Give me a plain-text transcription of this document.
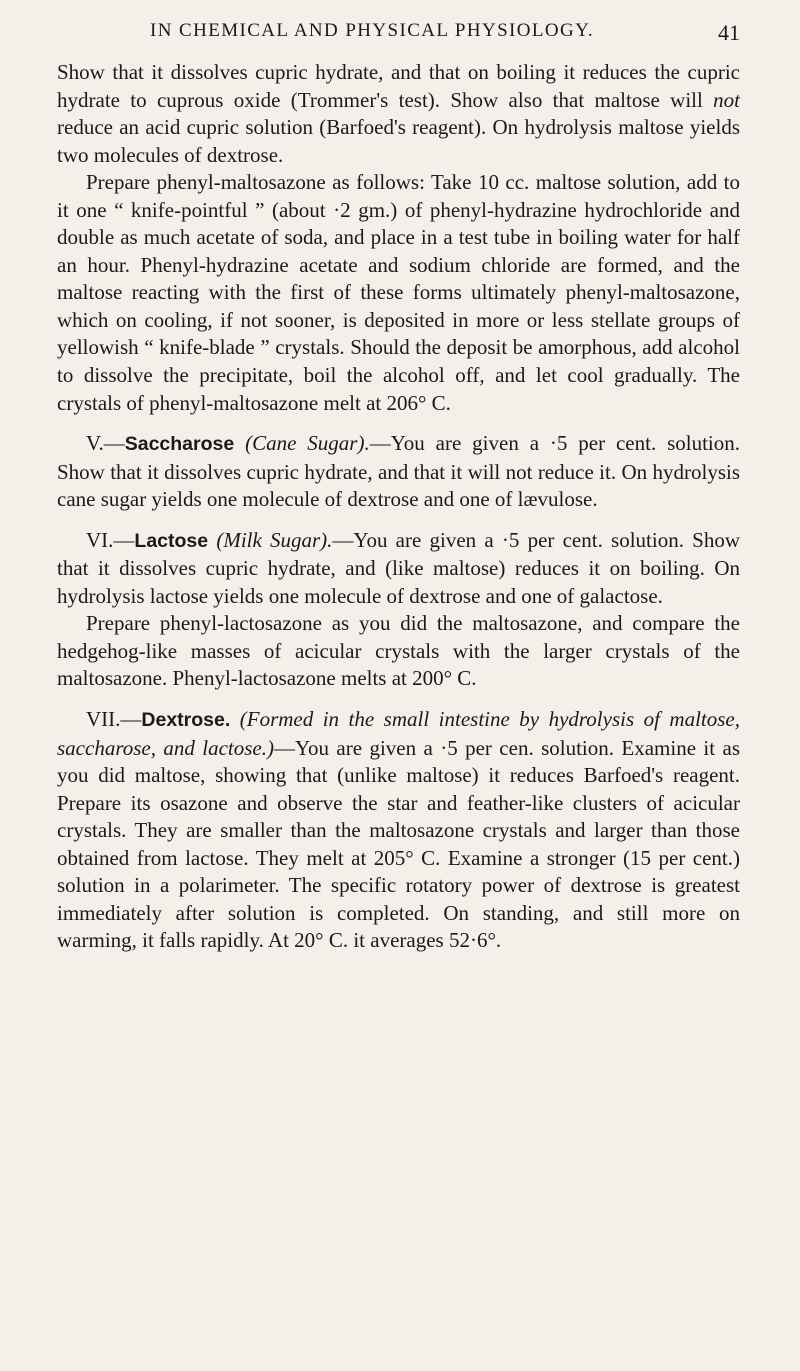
IN CHEMICAL AND PHYSICAL PHYSIOLOGY.	41

Show that it dissolves cupric hydrate, and that on boiling it reduces the cupric hydrate to cuprous oxide (Trommer's test). Show also that maltose will not reduce an acid cupric solution (Barfoed's reagent). On hydrolysis maltose yields two molecules of dextrose.

Prepare phenyl-maltosazone as follows: Take 10 cc. maltose solution, add to it one “ knife-pointful ” (about ·2 gm.) of phenyl-hydrazine hydrochloride and double as much acetate of soda, and place in a test tube in boiling water for half an hour. Phenyl-hydrazine acetate and sodium chloride are formed, and the maltose reacting with the first of these forms ultimately phenyl-maltosazone, which on cooling, if not sooner, is deposited in more or less stellate groups of yellowish “ knife-blade ” crystals. Should the deposit be amorphous, add alcohol to dissolve the precipitate, boil the alcohol off, and let cool gradually. The crystals of phenyl-maltosazone melt at 206° C.

V.—Saccharose (Cane Sugar).—You are given a ·5 per cent. solution. Show that it dissolves cupric hydrate, and that it will not reduce it. On hydrolysis cane sugar yields one molecule of dextrose and one of lævulose.

VI.—Lactose (Milk Sugar).—You are given a ·5 per cent. solution. Show that it dissolves cupric hydrate, and (like maltose) reduces it on boiling. On hydrolysis lactose yields one molecule of dextrose and one of galactose.

Prepare phenyl-lactosazone as you did the maltosazone, and compare the hedgehog-like masses of acicular crystals with the larger crystals of the maltosazone. Phenyl-lactosazone melts at 200° C.

VII.—Dextrose. (Formed in the small intestine by hydrolysis of maltose, saccharose, and lactose.)—You are given a ·5 per cen. solution. Examine it as you did maltose, showing that (unlike maltose) it reduces Barfoed's reagent. Prepare its osazone and observe the star and feather-like clusters of acicular crystals. They are smaller than the maltosazone crystals and larger than those obtained from lactose. They melt at 205° C. Examine a stronger (15 per cent.) solution in a polarimeter. The specific rotatory power of dextrose is greatest immediately after solution is completed. On standing, and still more on warming, it falls rapidly. At 20° C. it averages 52·6°.
